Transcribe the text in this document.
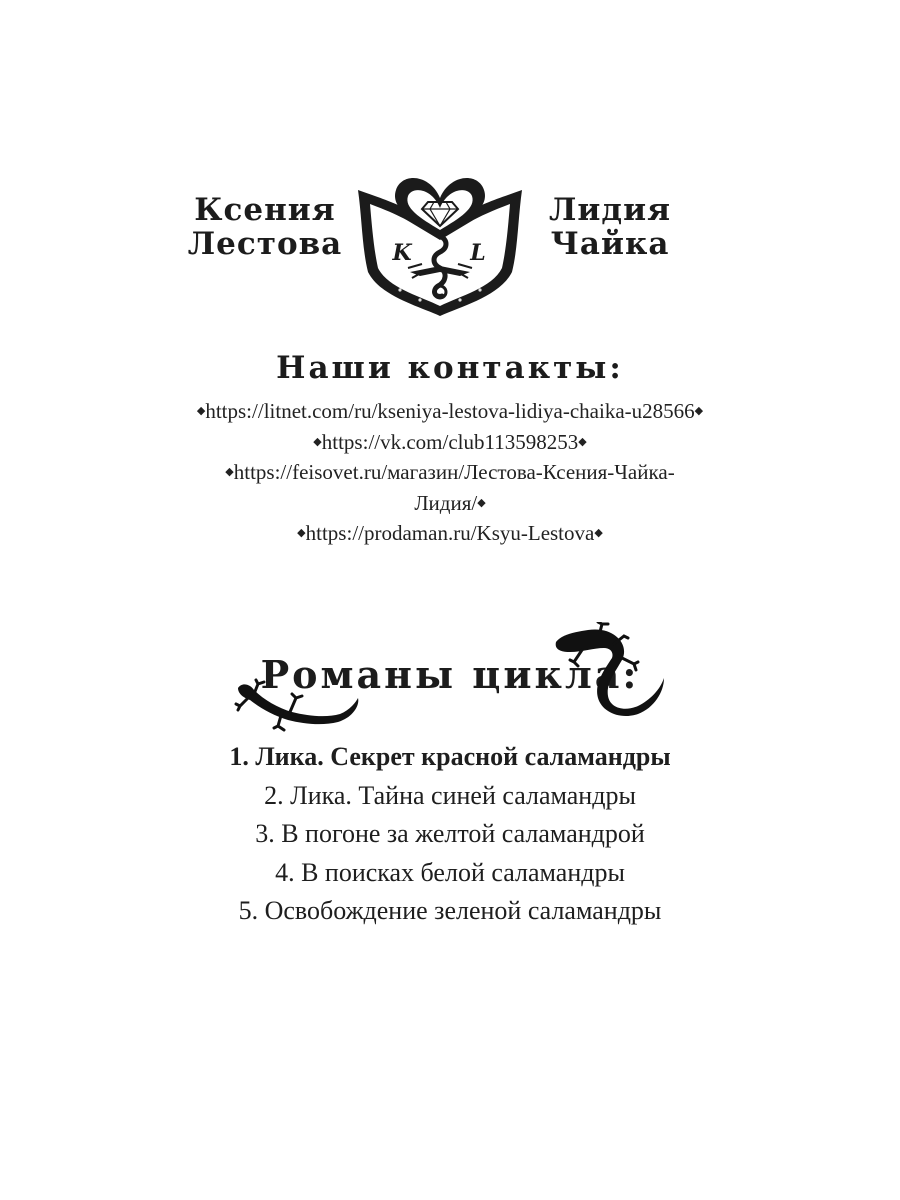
Ксения
Лестова	K	L
Лидия
Чайка
Наши контакты:
◆https://litnet.com/ru/kseniya-lestova-lidiya-chaika-u28566◆
◆https://vk.com/club113598253◆
◆https://feisovet.ru/магазин/Лестова-Ксения-Чайка-
Лидия/◆
◆https://prodaman.ru/Ksyu-Lestova◆
Романы цикла:
1. Лика. Секрет красной саламандры
2. Лика. Тайна синей саламандры
3. В погоне за желтой саламандрой
4. В поисках белой саламандры
5. Освобождение зеленой саламандры
